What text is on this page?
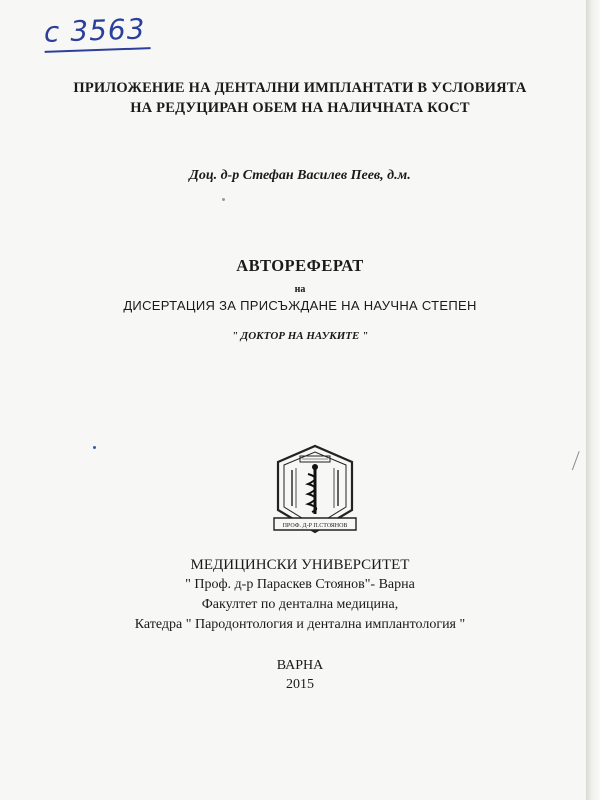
с 3563
ПРИЛОЖЕНИЕ НА ДЕНТАЛНИ ИМПЛАНТАТИ В УСЛОВИЯТА
НА РЕДУЦИРАН ОБЕМ НА НАЛИЧНАТА КОСТ
Доц. д-р Стефан Василев Пеев, д.м.
АВТОРЕФЕРАТ
на
ДИСЕРТАЦИЯ ЗА ПРИСЪЖДАНЕ НА НАУЧНА СТЕПЕН
" ДОКТОР НА НАУКИТЕ "
ПРОФ. Д-Р П.СТОЯНОВ
МЕДИЦИНСКИ УНИВЕРСИТЕТ
" Проф. д-р Параскев Стоянов"- Варна
Факултет по дентална медицина,
Катедра " Пародонтология и дентална имплантология "
ВАРНА
2015
